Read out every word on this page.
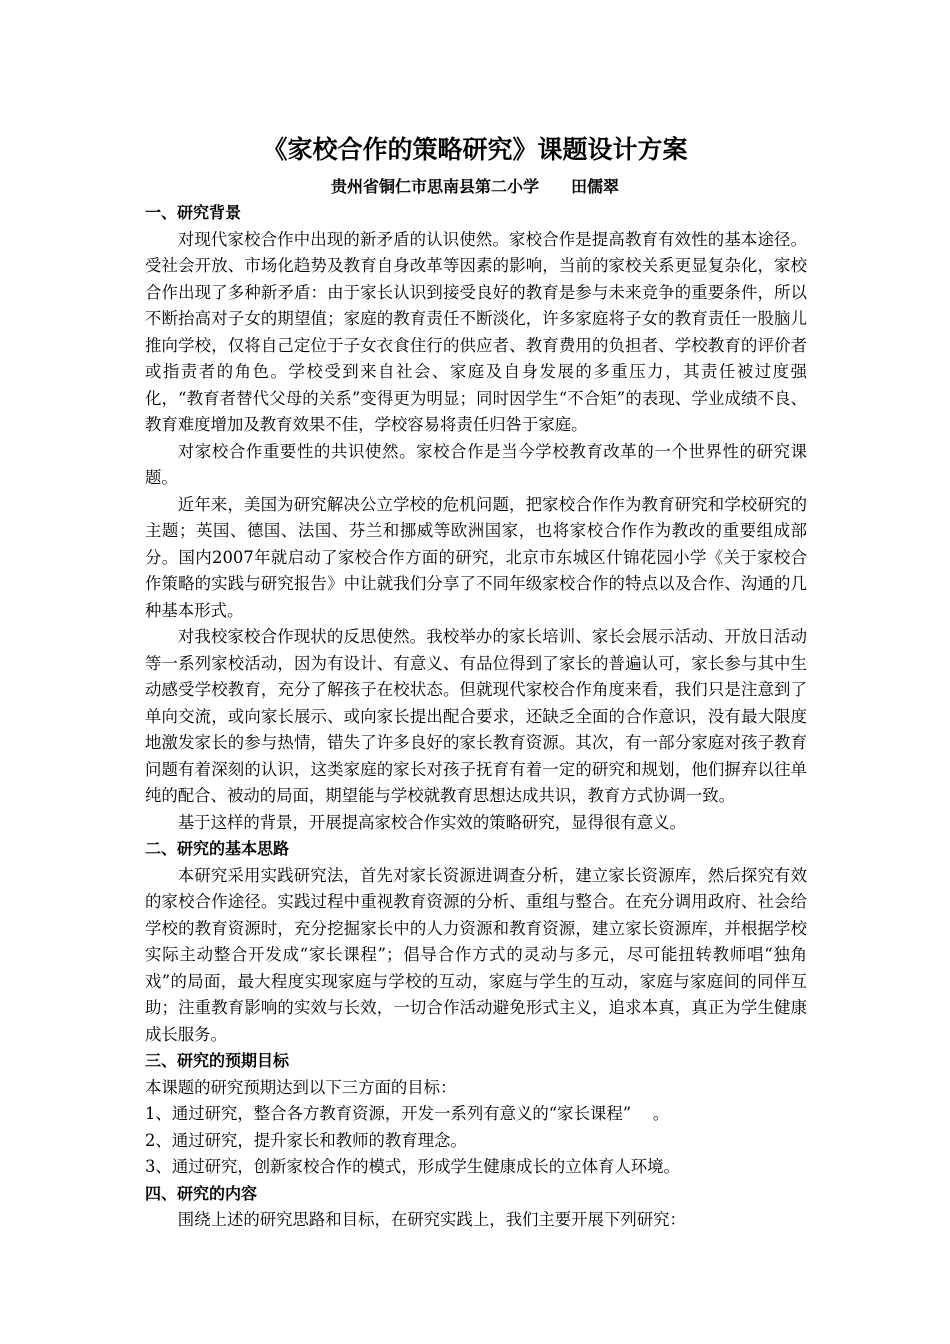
《家校合作的策略研究》课题设计方案
贵州省铜仁市思南县第二小学　　田儒翠
一、研究背景

对现代家校合作中出现的新矛盾的认识使然。家校合作是提高教育有效性的基本途径。受社会开放、市场化趋势及教育自身改革等因素的影响，当前的家校关系更显复杂化，家校合作出现了多种新矛盾：由于家长认识到接受良好的教育是参与未来竞争的重要条件，所以不断抬高对子女的期望值；家庭的教育责任不断淡化，许多家庭将子女的教育责任一股脑儿推向学校，仅将自己定位于子女衣食住行的供应者、教育费用的负担者、学校教育的评价者或指责者的角色。学校受到来自社会、家庭及自身发展的多重压力，其责任被过度强化，“教育者替代父母的关系”变得更为明显；同时因学生“不合矩”的表现、学业成绩不良、教育难度增加及教育效果不佳，学校容易将责任归咎于家庭。

对家校合作重要性的共识使然。家校合作是当今学校教育改革的一个世界性的研究课题。

近年来，美国为研究解决公立学校的危机问题，把家校合作作为教育研究和学校研究的主题；英国、德国、法国、芬兰和挪威等欧洲国家，也将家校合作作为教改的重要组成部分。国内2007年就启动了家校合作方面的研究，北京市东城区什锦花园小学《关于家校合作策略的实践与研究报告》中让就我们分享了不同年级家校合作的特点以及合作、沟通的几种基本形式。

对我校家校合作现状的反思使然。我校举办的家长培训、家长会展示活动、开放日活动等一系列家校活动，因为有设计、有意义、有品位得到了家长的普遍认可，家长参与其中生动感受学校教育，充分了解孩子在校状态。但就现代家校合作角度来看，我们只是注意到了单向交流，或向家长展示、或向家长提出配合要求，还缺乏全面的合作意识，没有最大限度地激发家长的参与热情，错失了许多良好的家长教育资源。其次，有一部分家庭对孩子教育问题有着深刻的认识，这类家庭的家长对孩子抚育有着一定的研究和规划，他们摒弃以往单纯的配合、被动的局面，期望能与学校就教育思想达成共识，教育方式协调一致。

基于这样的背景，开展提高家校合作实效的策略研究，显得很有意义。

二、研究的基本思路

本研究采用实践研究法，首先对家长资源进调查分析，建立家长资源库，然后探究有效的家校合作途径。实践过程中重视教育资源的分析、重组与整合。在充分调用政府、社会给学校的教育资源时，充分挖掘家长中的人力资源和教育资源，建立家长资源库，并根据学校实际主动整合开发成“家长课程”；倡导合作方式的灵动与多元，尽可能扭转教师唱“独角戏”的局面，最大程度实现家庭与学校的互动，家庭与学生的互动，家庭与家庭间的同伴互助；注重教育影响的实效与长效，一切合作活动避免形式主义，追求本真，真正为学生健康成长服务。

三、研究的预期目标

本课题的研究预期达到以下三方面的目标：

1、通过研究，整合各方教育资源，开发一系列有意义的“家长课程”　 。

2、通过研究，提升家长和教师的教育理念。

3、通过研究，创新家校合作的模式，形成学生健康成长的立体育人环境。

四、研究的内容

围绕上述的研究思路和目标，在研究实践上，我们主要开展下列研究：
